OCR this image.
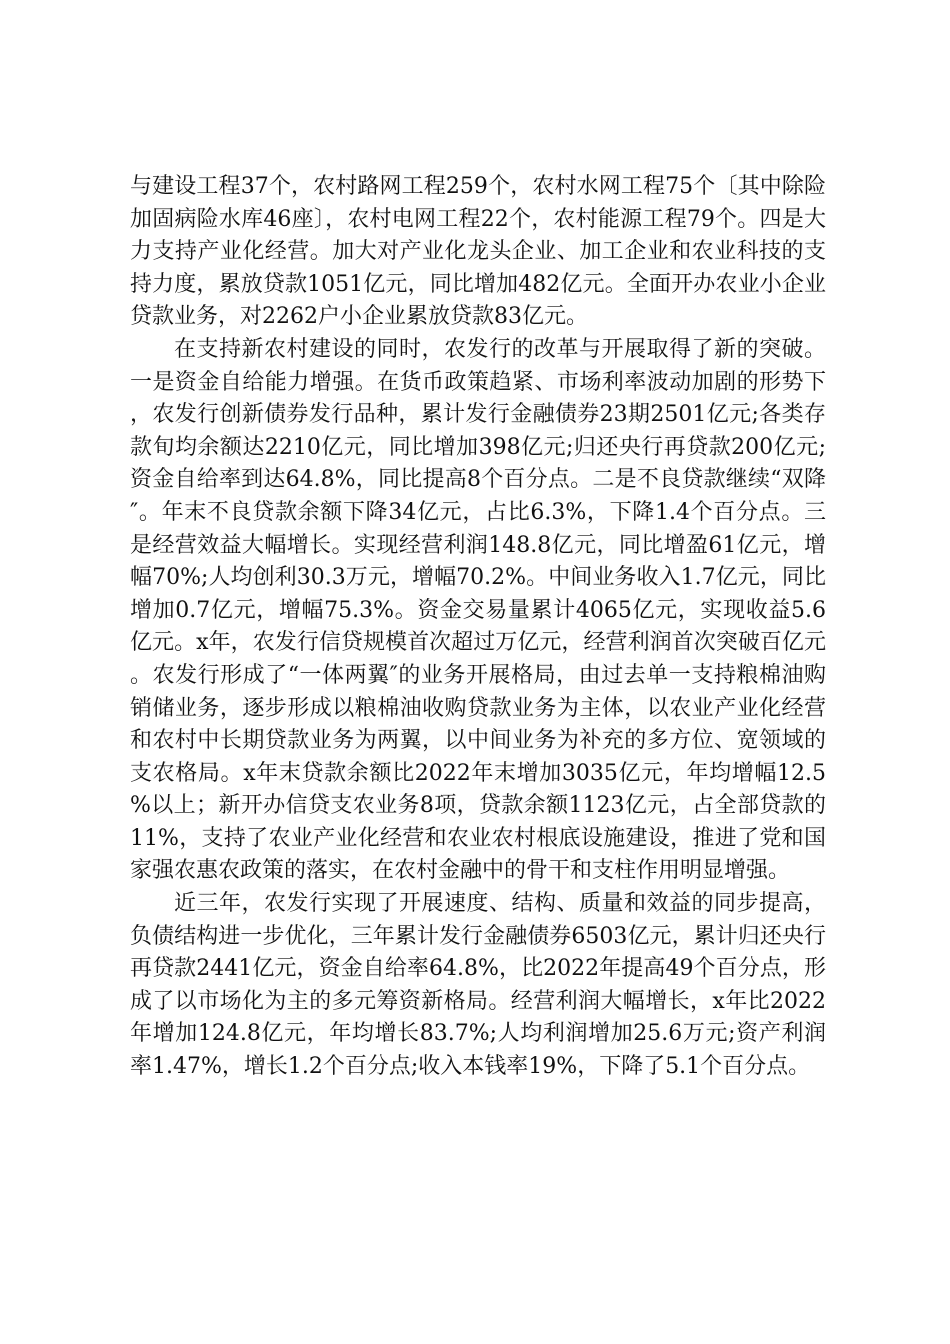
与建设工程37个，农村路网工程259个，农村水网工程75个〔其中除险加固病险水库46座〕，农村电网工程22个，农村能源工程79个。四是大力支持产业化经营。加大对产业化龙头企业、加工企业和农业科技的支持力度，累放贷款1051亿元，同比增加482亿元。全面开办农业小企业贷款业务，对2262户小企业累放贷款83亿元。

在支持新农村建设的同时，农发行的改革与开展取得了新的突破。一是资金自给能力增强。在货币政策趋紧、市场利率波动加剧的形势下，农发行创新债券发行品种，累计发行金融债券23期2501亿元;各类存款旬均余额达2210亿元，同比增加398亿元;归还央行再贷款200亿元;资金自给率到达64.8%，同比提高8个百分点。二是不良贷款继续“双降″。年末不良贷款余额下降34亿元，占比6.3%，下降1.4个百分点。三是经营效益大幅增长。实现经营利润148.8亿元，同比增盈61亿元，增幅70%;人均创利30.3万元，增幅70.2%。中间业务收入1.7亿元，同比增加0.7亿元，增幅75.3%。资金交易量累计4065亿元，实现收益5.6亿元。x年，农发行信贷规模首次超过万亿元，经营利润首次突破百亿元。农发行形成了“一体两翼″的业务开展格局，由过去单一支持粮棉油购销储业务，逐步形成以粮棉油收购贷款业务为主体，以农业产业化经营和农村中长期贷款业务为两翼，以中间业务为补充的多方位、宽领域的支农格局。x年末贷款余额比2022年末增加3035亿元，年均增幅12.5%以上；新开办信贷支农业务8项，贷款余额1123亿元，占全部贷款的11%，支持了农业产业化经营和农业农村根底设施建设，推进了党和国家强农惠农政策的落实，在农村金融中的骨干和支柱作用明显增强。

近三年，农发行实现了开展速度、结构、质量和效益的同步提高，负债结构进一步优化，三年累计发行金融债券6503亿元，累计归还央行再贷款2441亿元，资金自给率64.8%，比2022年提高49个百分点，形成了以市场化为主的多元筹资新格局。经营利润大幅增长，x年比2022年增加124.8亿元，年均增长83.7%;人均利润增加25.6万元;资产利润率1.47%，增长1.2个百分点;收入本钱率19%，下降了5.1个百分点。
